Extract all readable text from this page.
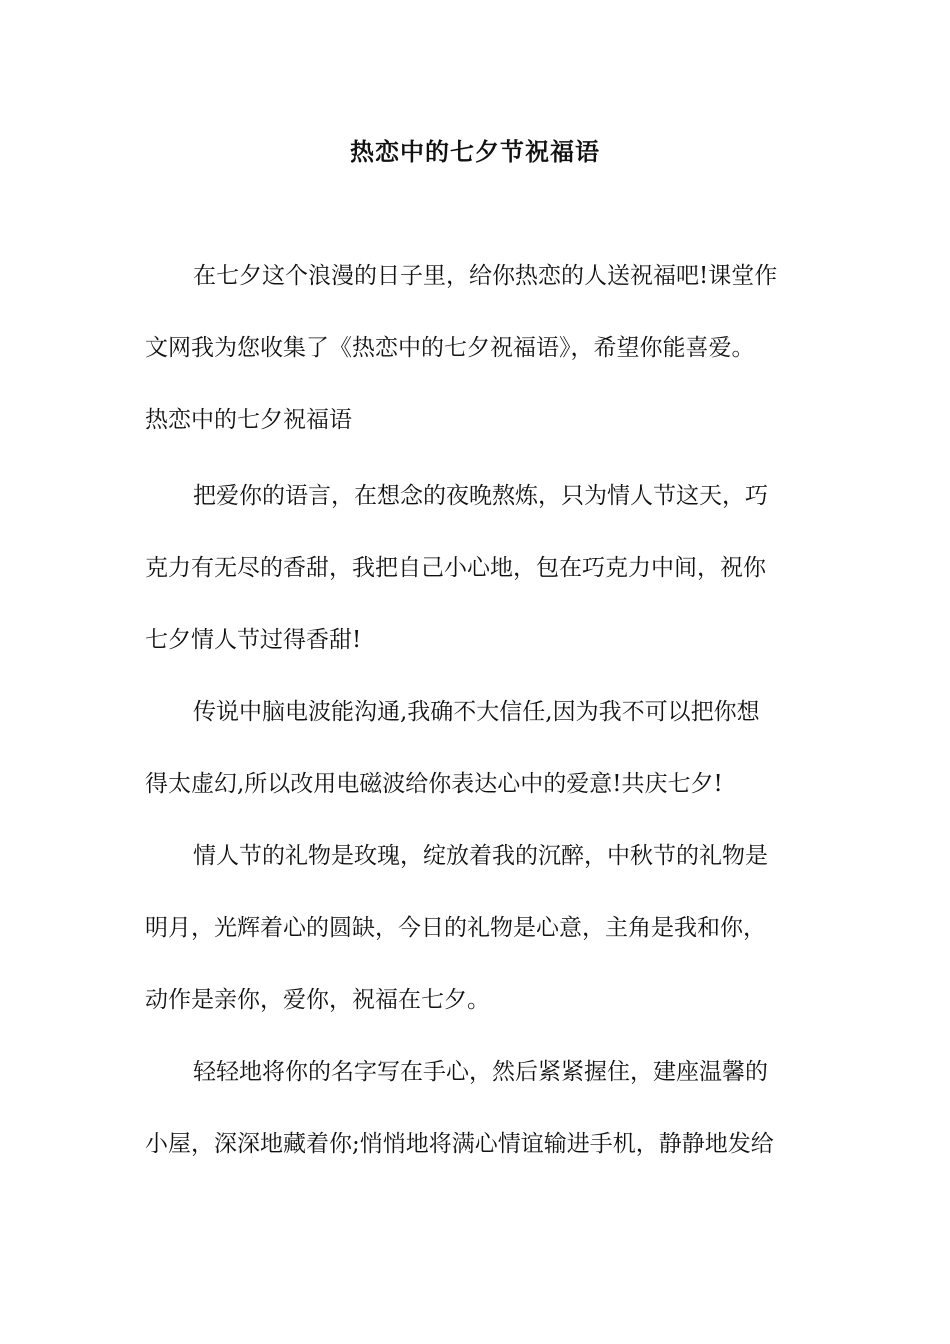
热恋中的七夕节祝福语
在七夕这个浪漫的日子里，给你热恋的人送祝福吧!课堂作
文网我为您收集了《热恋中的七夕祝福语》，希望你能喜爱。
热恋中的七夕祝福语
把爱你的语言，在想念的夜晚熬炼，只为情人节这天，巧
克力有无尽的香甜，我把自己小心地，包在巧克力中间，祝你
七夕情人节过得香甜!
传说中脑电波能沟通,我确不大信任,因为我不可以把你想
得太虚幻,所以改用电磁波给你表达心中的爱意!共庆七夕!
情人节的礼物是玫瑰，绽放着我的沉醉，中秋节的礼物是
明月，光辉着心的圆缺，今日的礼物是心意，主角是我和你，
动作是亲你，爱你，祝福在七夕。
轻轻地将你的名字写在手心，然后紧紧握住，建座温馨的
小屋，深深地藏着你;悄悄地将满心情谊输进手机，静静地发给
